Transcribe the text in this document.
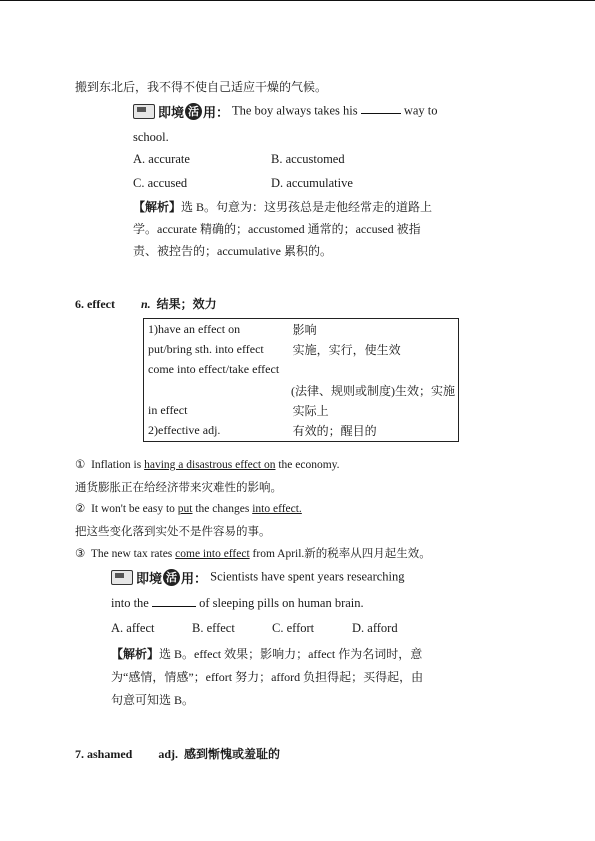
搬到东北后，我不得不使自己适应干燥的气候。
即境 活 用： The boy always takes his	way to
school.
A. accurate	B. accustomed
C. accused	D. accumulative
【解析】选 B。句意为：这男孩总是走他经常走的道路上
学。accurate 精确的；accustomed 通常的；accused 被指
责、被控告的；accumulative 累积的。
6. effect n. 结果；效力
1)have an effect on	影响
put/bring sth. into effect	实施，实行，使生效
come into effect/take effect	
	(法律、规则或制度)生效；实施
in effect	实际上
2)effective adj.	有效的；醒目的
① Inflation is having a disastrous effect on the economy.
通货膨胀正在给经济带来灾难性的影响。
② It won't be easy to put the changes into effect.
把这些变化落到实处不是件容易的事。
③ The new tax rates come into effect from April.新的税率从四月起生效。
即境 活 用： Scientists have spent years researching
into the	of sleeping pills on human brain.
A. affect	B. effect	C. effort	D. afford
【解析】选 B。effect 效果；影响力；affect 作为名词时，意
为“感情，情感”；effort 努力；afford 负担得起；买得起，由
句意可知选 B。
7. ashamed adj. 感到惭愧或羞耻的
